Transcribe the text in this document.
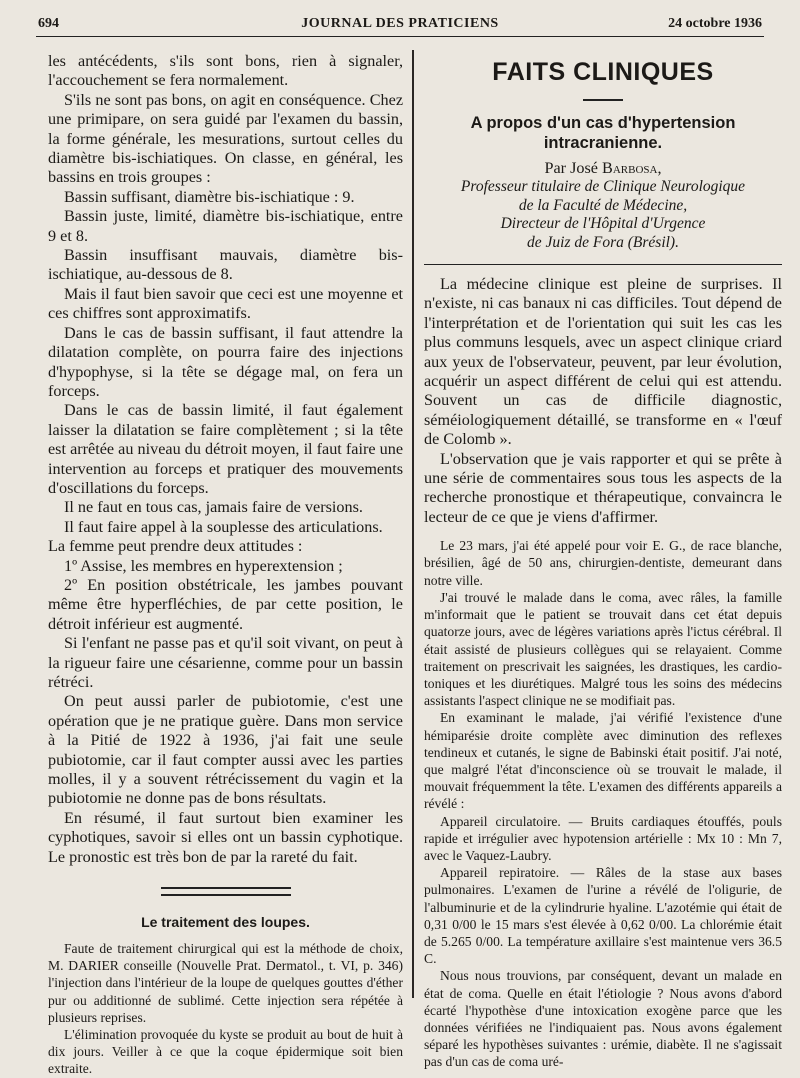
694	JOURNAL DES PRATICIENS	24 octobre 1936

les antécédents, s'ils sont bons, rien à signaler, l'accouchement se fera normalement.

S'ils ne sont pas bons, on agit en conséquence. Chez une primipare, on sera guidé par l'examen du bassin, la forme générale, les mesurations, surtout celles du diamètre bis-ischiatiques. On classe, en général, les bassins en trois groupes :

Bassin suffisant, diamètre bis-ischiatique : 9.

Bassin juste, limité, diamètre bis-ischiatique, entre 9 et 8.

Bassin insuffisant mauvais, diamètre bis-ischiatique, au-dessous de 8.

Mais il faut bien savoir que ceci est une moyenne et ces chiffres sont approximatifs.

Dans le cas de bassin suffisant, il faut attendre la dilatation complète, on pourra faire des injections d'hypophyse, si la tête se dégage mal, on fera un forceps.

Dans le cas de bassin limité, il faut également laisser la dilatation se faire complètement ; si la tête est arrêtée au niveau du détroit moyen, il faut faire une intervention au forceps et pratiquer des mouvements d'oscillations du forceps.

Il ne faut en tous cas, jamais faire de versions.

Il faut faire appel à la souplesse des articulations.

La femme peut prendre deux attitudes :

1º Assise, les membres en hyperextension ;

2º En position obstétricale, les jambes pouvant même être hyperfléchies, de par cette position, le détroit inférieur est augmenté.

Si l'enfant ne passe pas et qu'il soit vivant, on peut à la rigueur faire une césarienne, comme pour un bassin rétréci.

On peut aussi parler de pubiotomie, c'est une opération que je ne pratique guère. Dans mon service à la Pitié de 1922 à 1936, j'ai fait une seule pubiotomie, car il faut compter aussi avec les parties molles, il y a souvent rétrécissement du vagin et la pubiotomie ne donne pas de bons résultats.

En résumé, il faut surtout bien examiner les cyphotiques, savoir si elles ont un bassin cyphotique. Le pronostic est très bon de par la rareté du fait.

Le traitement des loupes.

Faute de traitement chirurgical qui est la méthode de choix, M. DARIER conseille (Nouvelle Prat. Dermatol., t. VI, p. 346) l'injection dans l'intérieur de la loupe de quelques gouttes d'éther pur ou additionné de sublimé. Cette injection sera répétée à plusieurs reprises.

L'élimination provoquée du kyste se produit au bout de huit à dix jours. Veiller à ce que la coque épidermique soit bien extraite.

FAITS CLINIQUES
A propos d'un cas d'hypertension intracranienne.

Par José Barbosa,

Professeur titulaire de Clinique Neurologique

de la Faculté de Médecine,

Directeur de l'Hôpital d'Urgence

de Juiz de Fora (Brésil).

La médecine clinique est pleine de surprises. Il n'existe, ni cas banaux ni cas difficiles. Tout dépend de l'interprétation et de l'orientation qui suit les cas les plus communs lesquels, avec un aspect clinique criard aux yeux de l'observateur, peuvent, par leur évolution, acquérir un aspect différent de celui qui est attendu. Souvent un cas de difficile diagnostic, séméiologiquement détaillé, se transforme en « l'œuf de Colomb ».

L'observation que je vais rapporter et qui se prête à une série de commentaires sous tous les aspects de la recherche pronostique et thérapeutique, convaincra le lecteur de ce que je viens d'affirmer.

Le 23 mars, j'ai été appelé pour voir E. G., de race blanche, brésilien, âgé de 50 ans, chirurgien-dentiste, demeurant dans notre ville.

J'ai trouvé le malade dans le coma, avec râles, la famille m'informait que le patient se trouvait dans cet état depuis quatorze jours, avec de légères variations après l'ictus cérébral. Il était assisté de plusieurs collègues qui se relayaient. Comme traitement on prescrivait les saignées, les drastiques, les cardio-toniques et les diurétiques. Malgré tous les soins des médecins assistants l'aspect clinique ne se modifiait pas.

En examinant le malade, j'ai vérifié l'existence d'une hémiparésie droite complète avec diminution des reflexes tendineux et cutanés, le signe de Babinski était positif. J'ai noté, que malgré l'état d'inconscience où se trouvait le malade, il mouvait fréquemment la tête. L'examen des différents appareils a révélé :

Appareil circulatoire. — Bruits cardiaques étouffés, pouls rapide et irrégulier avec hypotension artérielle : Mx 10 : Mn 7, avec le Vaquez-Laubry.

Appareil repiratoire. — Râles de la stase aux bases pulmonaires. L'examen de l'urine a révélé de l'oligurie, de l'albuminurie et de la cylindrurie hyaline. L'azotémie qui était de 0,31 0/00 le 15 mars s'est élevée à 0,62 0/00. La chlorémie était de 5.265 0/00. La température axillaire s'est maintenue vers 36.5 C.

Nous nous trouvions, par conséquent, devant un malade en état de coma. Quelle en était l'étiologie ? Nous avons d'abord écarté l'hypothèse d'une intoxication exogène parce que les données vérifiées ne l'indiquaient pas. Nous avons également séparé les hypothèses suivantes : urémie, diabète. Il ne s'agissait pas d'un cas de coma uré-
